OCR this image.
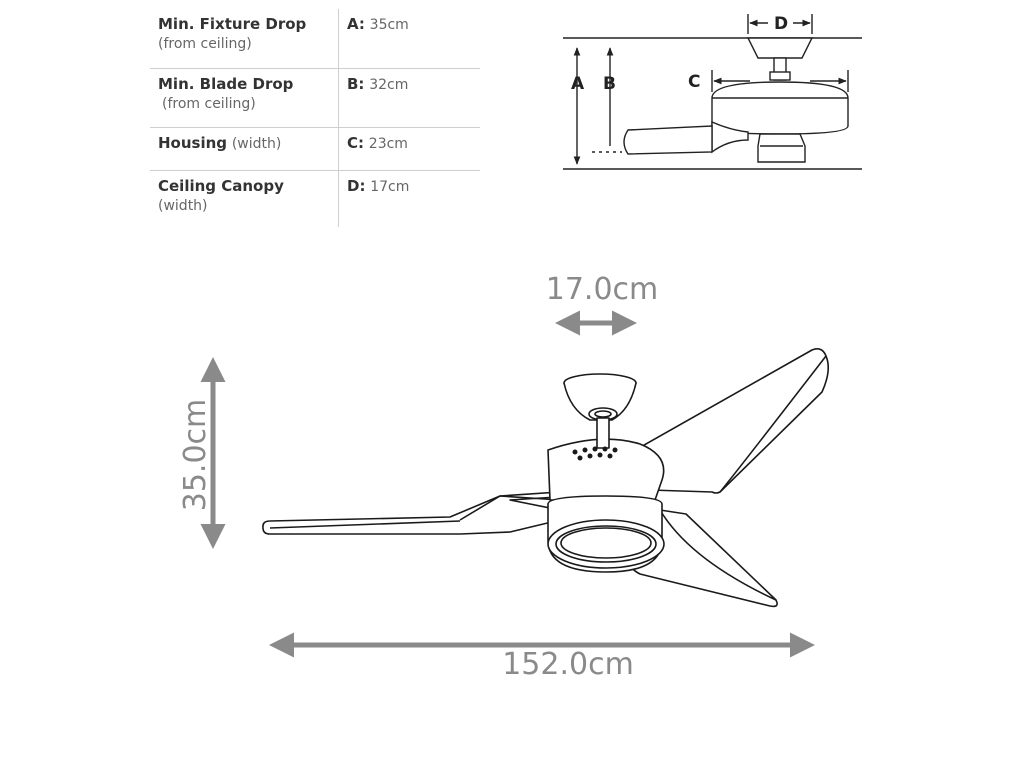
Min. Fixture Drop
(from ceiling)	A: 35cm
Min. Blade Drop
(from ceiling)	B: 32cm
Housing (width)	C: 23cm
Ceiling Canopy
(width)	D: 17cm
A B	C
D
17.0cm
35.0cm
152.0cm
